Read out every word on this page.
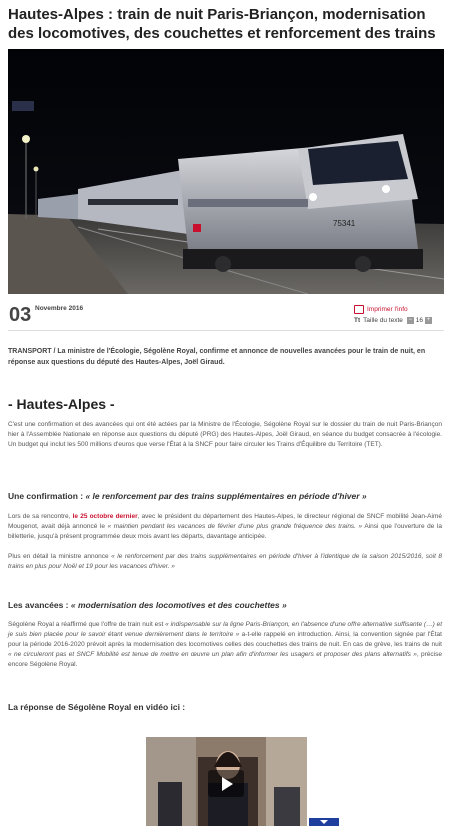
Hautes-Alpes : train de nuit Paris-Briançon, modernisation des locomotives, des couchettes et renforcement des trains
75341
03 Novembre 2016	Imprimer l'info
Tt Taille du texte − 16 +

TRANSPORT / La ministre de l'Écologie, Ségolène Royal, confirme et annonce de nouvelles avancées pour le train de nuit, en réponse aux questions du député des Hautes-Alpes, Joël Giraud.

- Hautes-Alpes -

C'est une confirmation et des avancées qui ont été actées par la Ministre de l'Écologie, Ségolène Royal sur le dossier du train de nuit Paris-Briançon hier à l'Assemblée Nationale en réponse aux questions du député (PRG) des Hautes-Alpes, Joël Giraud, en séance du budget consacrée à l'écologie. Un budget qui inclut les 500 millions d'euros que verse l'État à la SNCF pour faire circuler les Trains d'Équilibre du Territoire (TET).

Une confirmation : « le renforcement par des trains supplémentaires en période d'hiver »

Lors de sa rencontre, le 25 octobre dernier, avec le président du département des Hautes-Alpes, le directeur régional de SNCF mobilité Jean-Aimé Mougenot, avait déjà annoncé le « maintien pendant les vacances de février d'une plus grande fréquence des trains. » Ainsi que l'ouverture de la billetterie, jusqu'à présent programmée deux mois avant les départs, davantage anticipée.

Plus en détail la ministre annonce « le renforcement par des trains supplémentaires en période d'hiver à l'identique de la saison 2015/2016, soit 8 trains en plus pour Noël et 19 pour les vacances d'hiver. »

Les avancées : « modernisation des locomotives et des couchettes »

Ségolène Royal a réaffirmé que l'offre de train nuit est « indispensable sur la ligne Paris-Briançon, en l'absence d'une offre alternative suffisante (…) et je suis bien placée pour le savoir étant venue dernièrement dans le territoire » a-t-elle rappelé en introduction. Ainsi, la convention signée par l'État pour la période 2016-2020 prévoit après la modernisation des locomotives celles des couchettes des trains de nuit. En cas de grève, les trains de nuit « ne circuleront pas et SNCF Mobilité est tenue de mettre en œuvre un plan afin d'informer les usagers et proposer des plans alternatifs », précise encore Ségolène Royal.

La réponse de Ségolène Royal en vidéo ici :
